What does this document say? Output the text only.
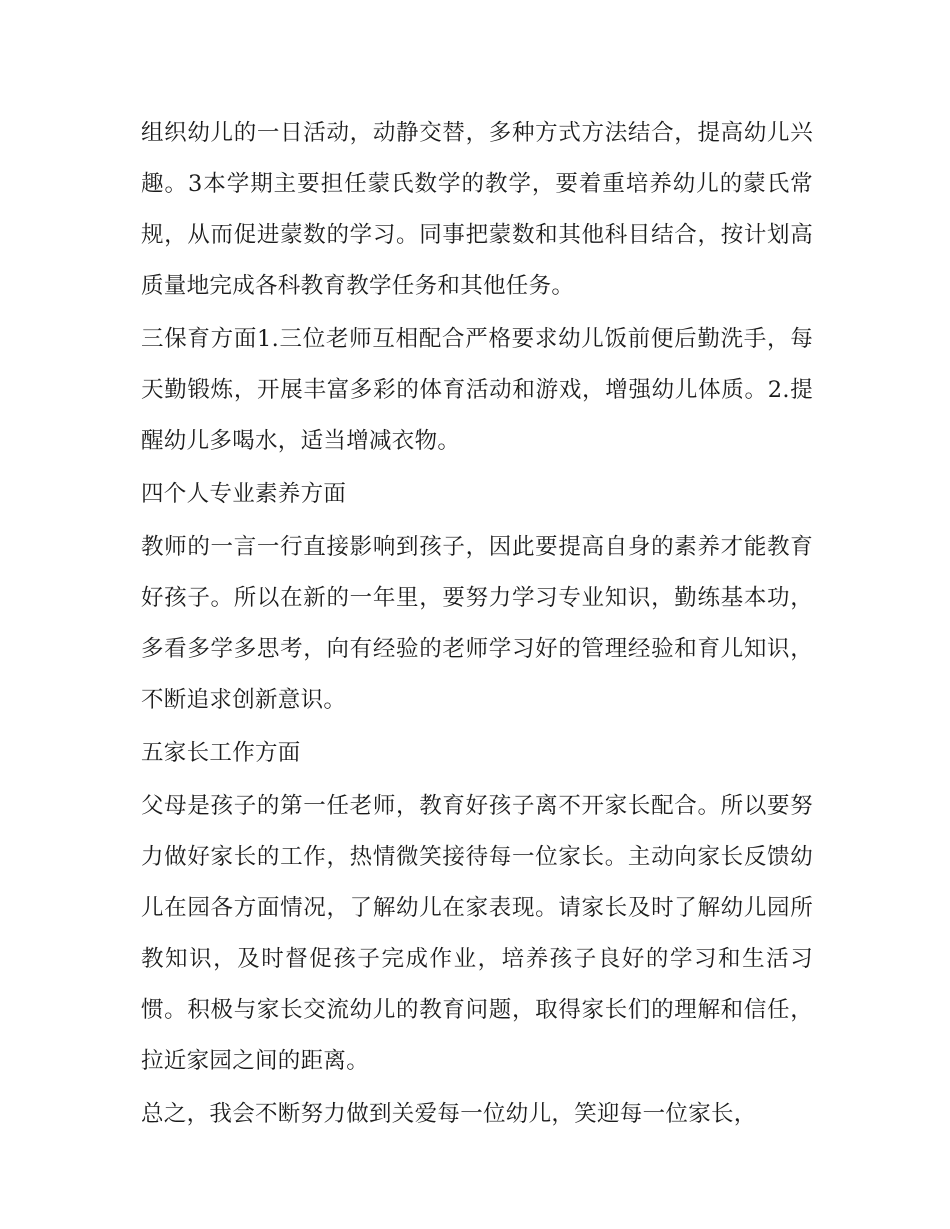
组织幼儿的一日活动，动静交替，多种方式方法结合，提高幼儿兴趣。3本学期主要担任蒙氏数学的教学，要着重培养幼儿的蒙氏常规，从而促进蒙数的学习。同事把蒙数和其他科目结合，按计划高质量地完成各科教育教学任务和其他任务。

三保育方面1.三位老师互相配合严格要求幼儿饭前便后勤洗手，每天勤锻炼，开展丰富多彩的体育活动和游戏，增强幼儿体质。2.提醒幼儿多喝水，适当增减衣物。

四个人专业素养方面

教师的一言一行直接影响到孩子，因此要提高自身的素养才能教育好孩子。所以在新的一年里，要努力学习专业知识，勤练基本功，多看多学多思考，向有经验的老师学习好的管理经验和育儿知识，不断追求创新意识。

五家长工作方面

父母是孩子的第一任老师，教育好孩子离不开家长配合。所以要努力做好家长的工作，热情微笑接待每一位家长。主动向家长反馈幼儿在园各方面情况，了解幼儿在家表现。请家长及时了解幼儿园所教知识，及时督促孩子完成作业，培养孩子良好的学习和生活习惯。积极与家长交流幼儿的教育问题，取得家长们的理解和信任，拉近家园之间的距离。

总之，我会不断努力做到关爱每一位幼儿，笑迎每一位家长，
